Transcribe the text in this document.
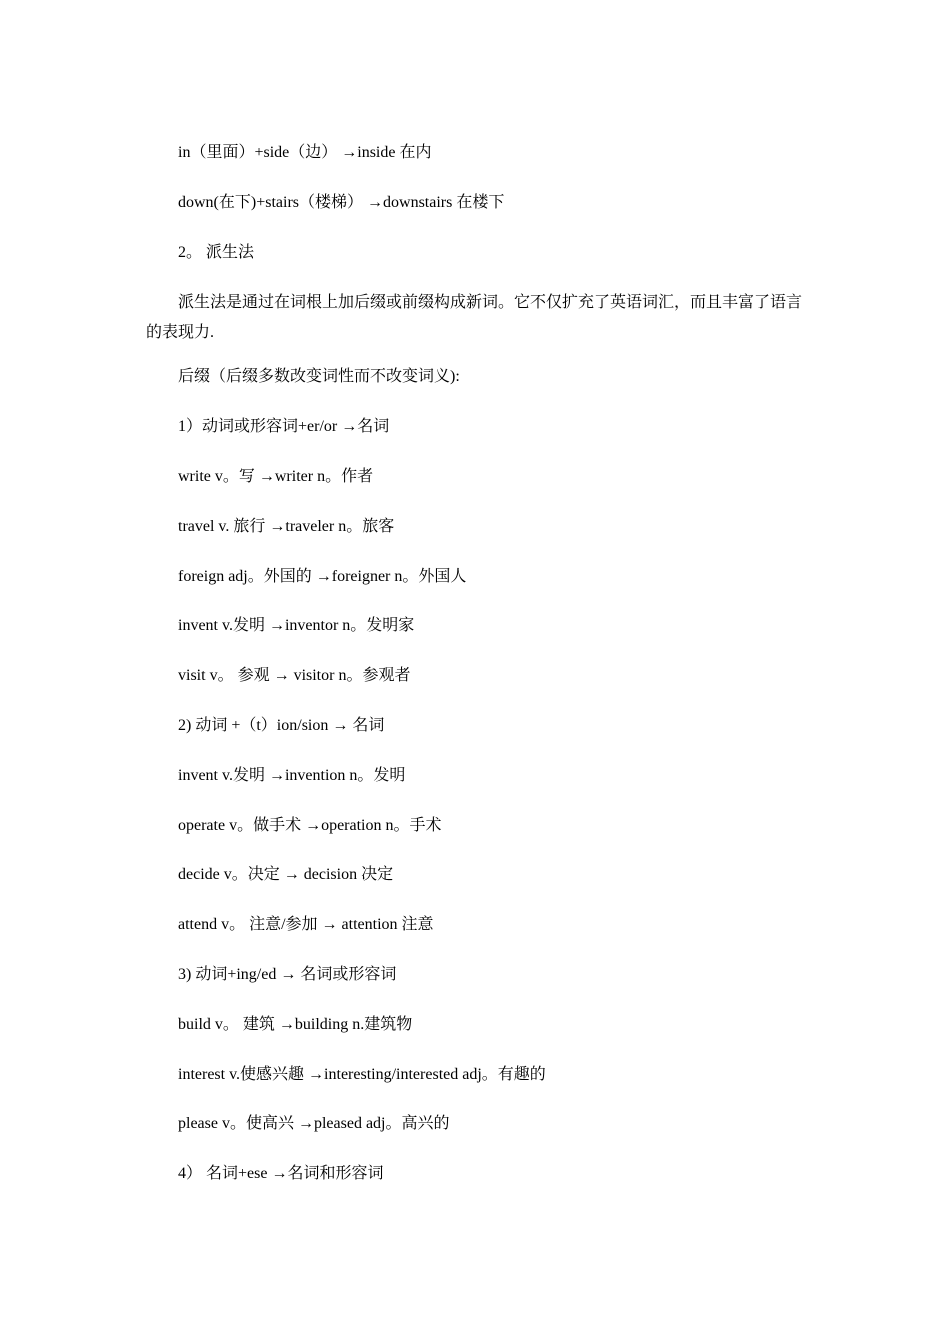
in（里面）+side（边） →inside 在内
down(在下)+stairs（楼梯） →downstairs 在楼下
2。 派生法
派生法是通过在词根上加后缀或前缀构成新词。它不仅扩充了英语词汇，而且丰富了语言的表现力.
后缀（后缀多数改变词性而不改变词义):
1）动词或形容词+er/or →名词
write v。写 →writer n。作者
travel v. 旅行 →traveler n。旅客
foreign adj。外国的 →foreigner n。外国人
invent v.发明 →inventor n。发明家
visit v。 参观 → visitor n。参观者
2) 动词 +（t）ion/sion → 名词
invent v.发明 →invention n。发明
operate v。做手术 →operation n。手术
decide v。决定 → decision 决定
attend v。 注意/参加 → attention 注意
3) 动词+ing/ed → 名词或形容词
build v。 建筑 →building n.建筑物
interest v.使感兴趣 →interesting/interested adj。有趣的
please v。使高兴 →pleased adj。高兴的
4） 名词+ese →名词和形容词
